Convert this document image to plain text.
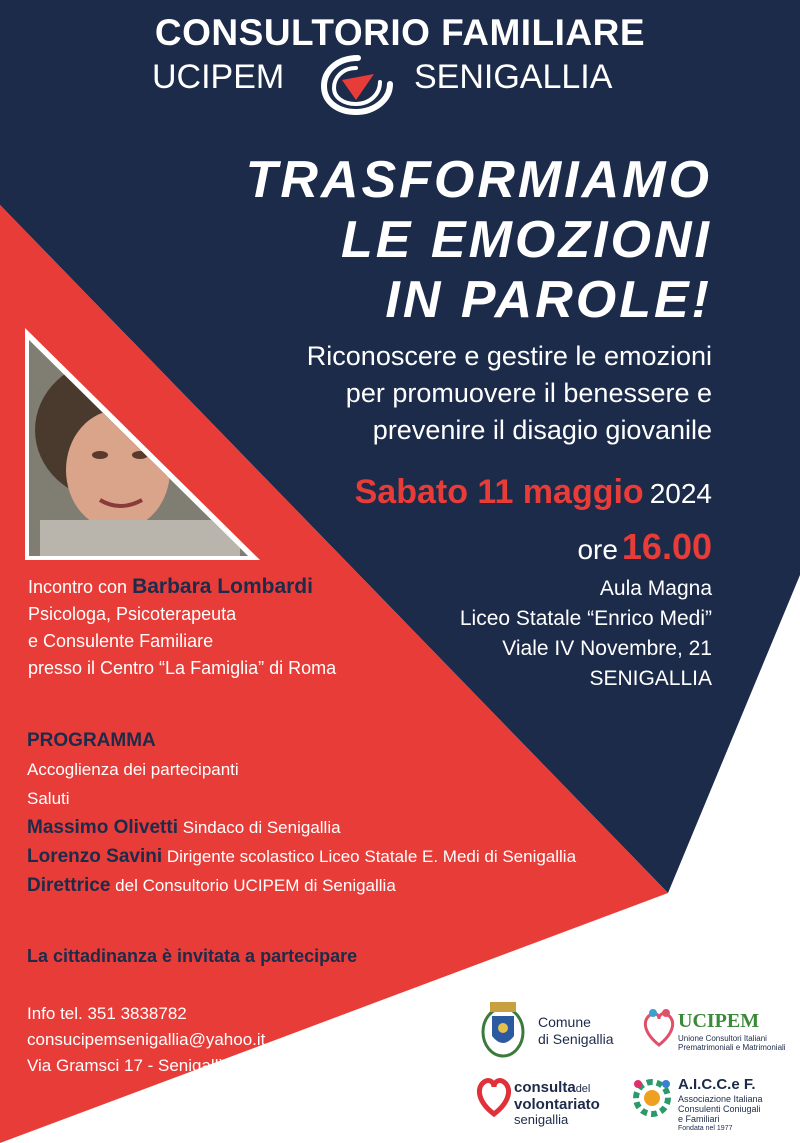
CONSULTORIO FAMILIARE
UCIPEM	SENIGALLIA
TRASFORMIAMO
LE EMOZIONI
IN PAROLE!
Riconoscere e gestire le emozioni
per promuovere il benessere e
prevenire il disagio giovanile
Sabato 11 maggio 2024
ore 16.00
Aula Magna
Liceo Statale “Enrico Medi”
Viale IV Novembre, 21
SENIGALLIA
Incontro con Barbara Lombardi
Psicologa, Psicoterapeuta
e Consulente Familiare
presso il Centro “La Famiglia” di Roma
PROGRAMMA
Accoglienza dei partecipanti
Saluti
Massimo Olivetti Sindaco di Senigallia
Lorenzo Savini Dirigente scolastico Liceo Statale E. Medi di Senigallia
Direttrice del Consultorio UCIPEM di Senigallia
La cittadinanza è invitata a partecipare
Info tel. 351 3838782
consucipemsenigallia@yahoo.it
Via Gramsci 17 - Senigallia
Comune
di Senigallia
UCIPEM
Unione Consultori Italiani
Prematrimoniali e Matrimoniali
consultadel
volontariato
senigallia
A.I.C.C.e F.
Associazione Italiana
Consulenti Coniugali
e Familiari
Fondata nel 1977
